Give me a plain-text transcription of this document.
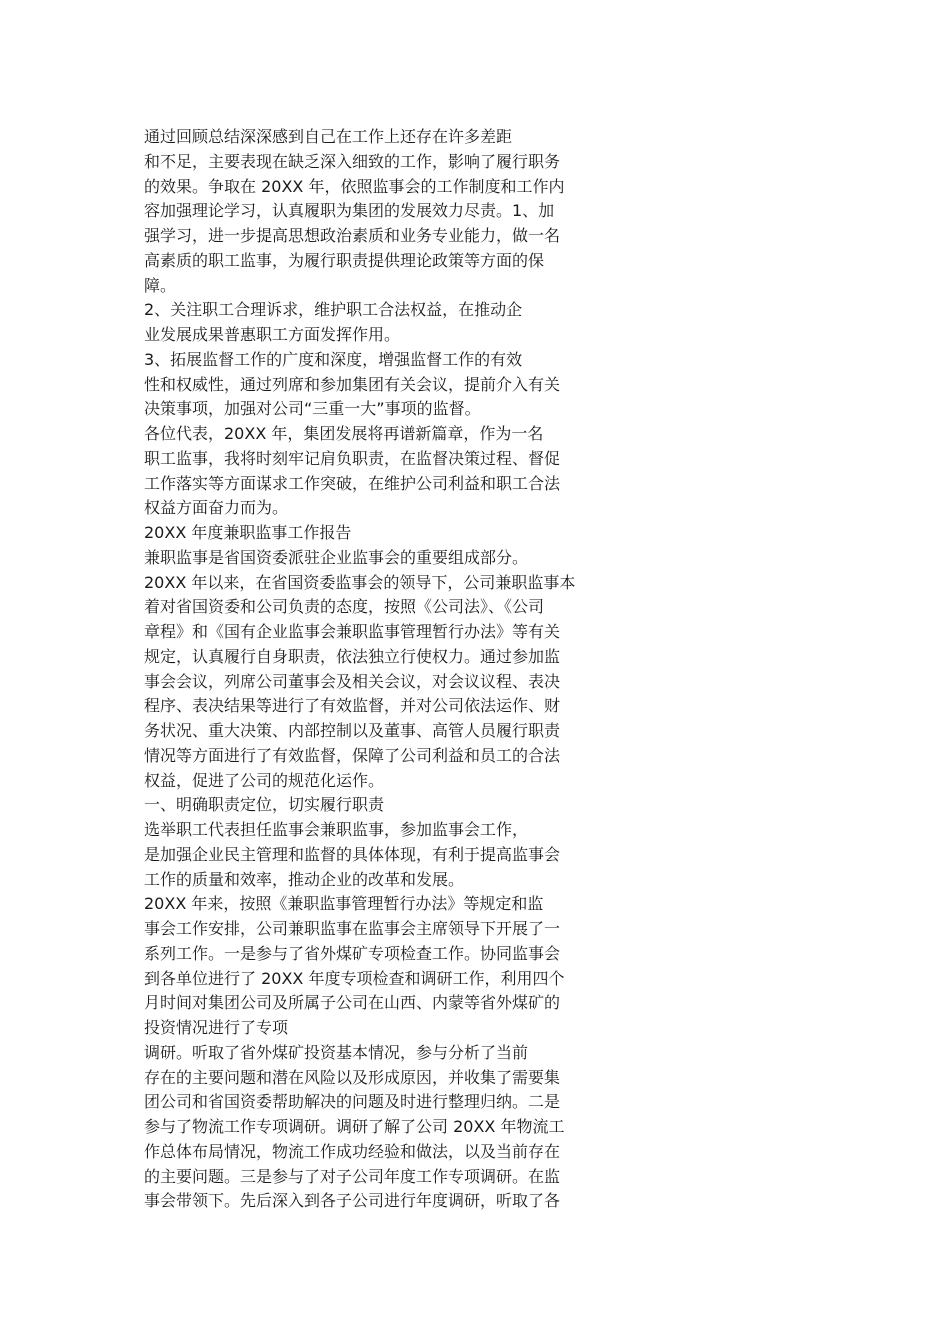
通过回顾总结深深感到自己在工作上还存在许多差距
和不足，主要表现在缺乏深入细致的工作，影响了履行职务
的效果。争取在 20XX 年，依照监事会的工作制度和工作内
容加强理论学习，认真履职为集团的发展效力尽责。1、加
强学习，进一步提高思想政治素质和业务专业能力，做一名
高素质的职工监事，为履行职责提供理论政策等方面的保
障。
2、关注职工合理诉求，维护职工合法权益，在推动企
业发展成果普惠职工方面发挥作用。
3、拓展监督工作的广度和深度，增强监督工作的有效
性和权威性，通过列席和参加集团有关会议，提前介入有关
决策事项，加强对公司“三重一大”事项的监督。
各位代表，20XX 年，集团发展将再谱新篇章，作为一名
职工监事，我将时刻牢记肩负职责，在监督决策过程、督促
工作落实等方面谋求工作突破，在维护公司利益和职工合法
权益方面奋力而为。
20XX 年度兼职监事工作报告
兼职监事是省国资委派驻企业监事会的重要组成部分。
20XX 年以来，在省国资委监事会的领导下，公司兼职监事本
着对省国资委和公司负责的态度，按照《公司法》、《公司
章程》和《国有企业监事会兼职监事管理暂行办法》等有关
规定，认真履行自身职责，依法独立行使权力。通过参加监
事会会议，列席公司董事会及相关会议，对会议议程、表决
程序、表决结果等进行了有效监督，并对公司依法运作、财
务状况、重大决策、内部控制以及董事、高管人员履行职责
情况等方面进行了有效监督，保障了公司利益和员工的合法
权益，促进了公司的规范化运作。
一、明确职责定位，切实履行职责
选举职工代表担任监事会兼职监事，参加监事会工作，
是加强企业民主管理和监督的具体体现，有利于提高监事会
工作的质量和效率，推动企业的改革和发展。
20XX 年来，按照《兼职监事管理暂行办法》等规定和监
事会工作安排，公司兼职监事在监事会主席领导下开展了一
系列工作。一是参与了省外煤矿专项检查工作。协同监事会
到各单位进行了 20XX 年度专项检查和调研工作，利用四个
月时间对集团公司及所属子公司在山西、内蒙等省外煤矿的
投资情况进行了专项
调研。听取了省外煤矿投资基本情况，参与分析了当前
存在的主要问题和潜在风险以及形成原因，并收集了需要集
团公司和省国资委帮助解决的问题及时进行整理归纳。二是
参与了物流工作专项调研。调研了解了公司 20XX 年物流工
作总体布局情况，物流工作成功经验和做法，以及当前存在
的主要问题。三是参与了对子公司年度工作专项调研。在监
事会带领下。先后深入到各子公司进行年度调研，听取了各
